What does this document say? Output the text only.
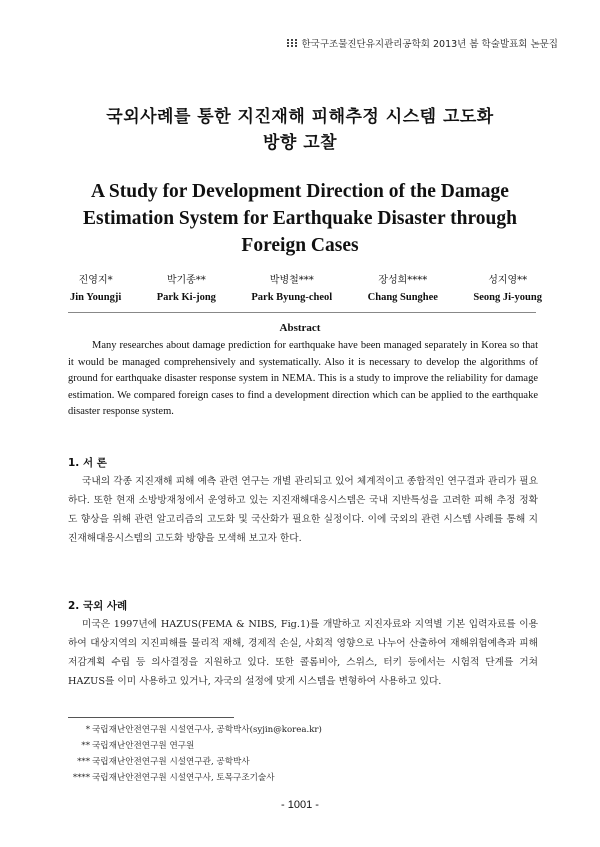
한국구조물진단유지관리공학회 2013년 봄 학술발표회 논문집
국외사례를 통한 지진재해 피해추정 시스템 고도화
방향 고찰
A Study for Development Direction of the Damage
Estimation System for Earthquake Disaster through
Foreign Cases
진영지*
Jin Youngji
박기종**
Park Ki-jong
박병철***
Park Byung-cheol
장성희****
Chang Sunghee
성지영**
Seong Ji-young
Abstract

Many researches about damage prediction for earthquake have been managed separately in Korea so that it would be managed comprehensively and systematically. Also it is necessary to develop the algorithms of ground for earthquake disaster response system in NEMA. This is a study to improve the reliability for damage estimation. We compared foreign cases to find a development direction which can be applied to the earthquake disaster response system.

1. 서 론

국내의 각종 지진재해 피해 예측 관련 연구는 개별 관리되고 있어 체계적이고 종합적인 연구결과 관리가 필요하다. 또한 현재 소방방재청에서 운영하고 있는 지진재해대응시스템은 국내 지반특성을 고려한 피해 추정 정확도 향상을 위해 관련 알고리즘의 고도화 및 국산화가 필요한 실정이다. 이에 국외의 관련 시스템 사례를 통해 지진재해대응시스템의 고도화 방향을 모색해 보고자 한다.

2. 국외 사례

미국은 1997년에 HAZUS(FEMA & NIBS, Fig.1)를 개발하고 지진자료와 지역별 기본 입력자료를 이용하여 대상지역의 지진피해를 물리적 재해, 경제적 손실, 사회적 영향으로 나누어 산출하여 재해위험예측과 피해저감계획 수립 등 의사결정을 지원하고 있다. 또한 콜롬비아, 스위스, 터키 등에서는 시험적 단계를 거쳐 HAZUS를 이미 사용하고 있거나, 자국의 설정에 맞게 시스템을 변형하여 사용하고 있다.

* 국립재난안전연구원 시설연구사, 공학박사(syjin@korea.kr)
** 국립재난안전연구원 연구원
*** 국립재난안전연구원 시설연구관, 공학박사
**** 국립재난안전연구원 시설연구사, 토목구조기술사
- 1001 -
